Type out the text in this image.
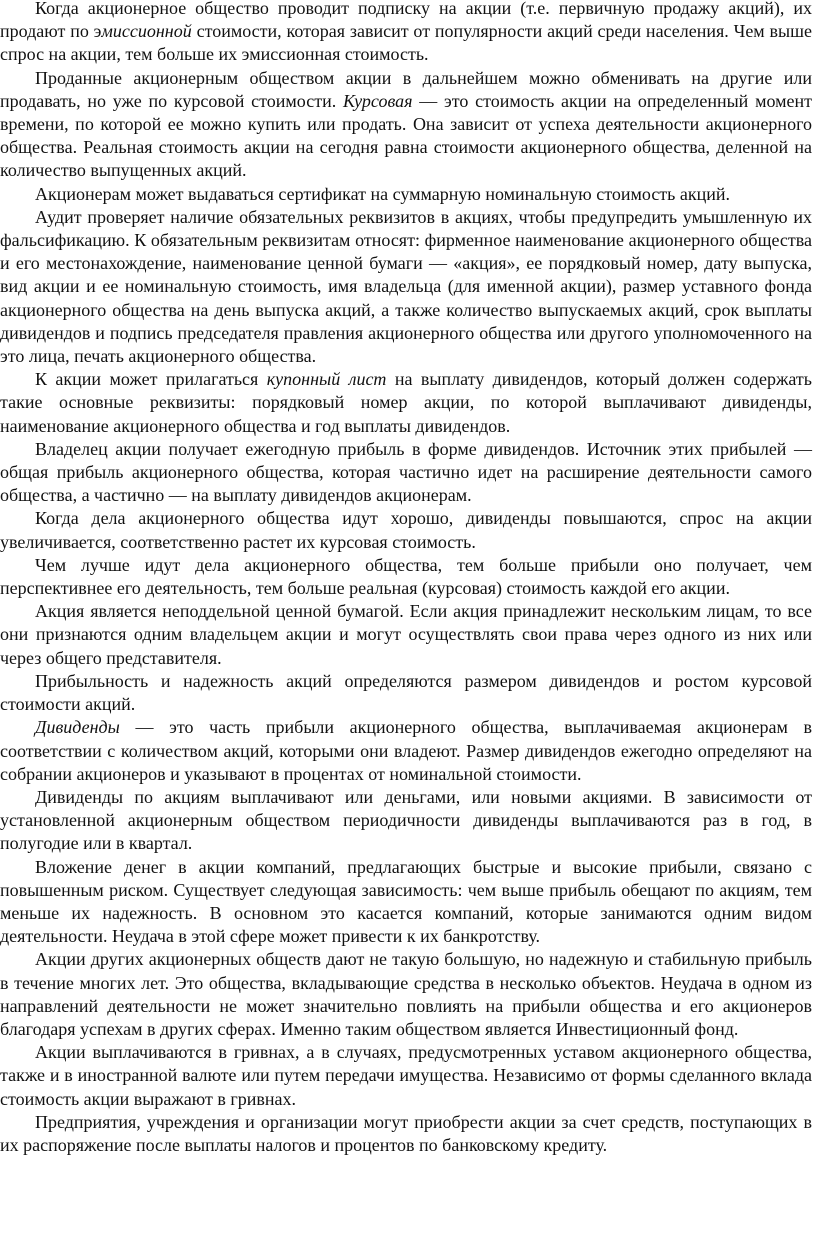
Когда акционерное общество проводит подписку на акции (т.е. первичную продажу акций), их продают по эмиссионной стоимости, которая зависит от популярности акций среди населения. Чем выше спрос на акции, тем больше их эмиссионная стоимость.

Проданные акционерным обществом акции в дальнейшем можно обменивать на другие или продавать, но уже по курсовой стоимости. Курсовая — это стоимость акции на определенный момент времени, по которой ее можно купить или продать. Она зависит от успеха деятельности акционерного общества. Реальная стоимость акции на сегодня равна стоимости акционерного общества, деленной на количество выпущенных акций.

Акционерам может выдаваться сертификат на суммарную номинальную стоимость акций.

Аудит проверяет наличие обязательных реквизитов в акциях, чтобы предупредить умышленную их фальсификацию. К обязательным реквизитам относят: фирменное наименование акционерного общества и его местонахождение, наименование ценной бумаги — «акция», ее порядковый номер, дату выпуска, вид акции и ее номинальную стоимость, имя владельца (для именной акции), размер уставного фонда акционерного общества на день выпуска акций, а также количество выпускаемых акций, срок выплаты дивидендов и подпись председателя правления акционерного общества или другого уполномоченного на это лица, печать акционерного общества.

К акции может прилагаться купонный лист на выплату дивидендов, который должен содержать такие основные реквизиты: порядковый номер акции, по которой выплачивают дивиденды, наименование акционерного общества и год выплаты дивидендов.

Владелец акции получает ежегодную прибыль в форме дивидендов. Источник этих прибылей — общая прибыль акционерного общества, которая частично идет на расширение деятельности самого общества, а частично — на выплату дивидендов акционерам.

Когда дела акционерного общества идут хорошо, дивиденды повышаются, спрос на акции увеличивается, соответственно растет их курсовая стоимость.

Чем лучше идут дела акционерного общества, тем больше прибыли оно получает, чем перспективнее его деятельность, тем больше реальная (курсовая) стоимость каждой его акции.

Акция является неподдельной ценной бумагой. Если акция принадлежит нескольким лицам, то все они признаются одним владельцем акции и могут осуществлять свои права через одного из них или через общего представителя.

Прибыльность и надежность акций определяются размером дивидендов и ростом курсовой стоимости акций.

Дивиденды — это часть прибыли акционерного общества, выплачиваемая акционерам в соответствии с количеством акций, которыми они владеют. Размер дивидендов ежегодно определяют на собрании акционеров и указывают в процентах от номинальной стоимости.

Дивиденды по акциям выплачивают или деньгами, или новыми акциями. В зависимости от установленной акционерным обществом периодичности дивиденды выплачиваются раз в год, в полугодие или в квартал.

Вложение денег в акции компаний, предлагающих быстрые и высокие прибыли, связано с повышенным риском. Существует следующая зависимость: чем выше прибыль обещают по акциям, тем меньше их надежность. В основном это касается компаний, которые занимаются одним видом деятельности. Неудача в этой сфере может привести к их банкротству.

Акции других акционерных обществ дают не такую большую, но надежную и стабильную прибыль в течение многих лет. Это общества, вкладывающие средства в несколько объектов. Неудача в одном из направлений деятельности не может значительно повлиять на прибыли общества и его акционеров благодаря успехам в других сферах. Именно таким обществом является Инвестиционный фонд.

Акции выплачиваются в гривнах, а в случаях, предусмотренных уставом акционерного общества, также и в иностранной валюте или путем передачи имущества. Независимо от формы сделанного вклада стоимость акции выражают в гривнах.

Предприятия, учреждения и организации могут приобрести акции за счет средств, поступающих в их распоряжение после выплаты налогов и процентов по банковскому кредиту.
